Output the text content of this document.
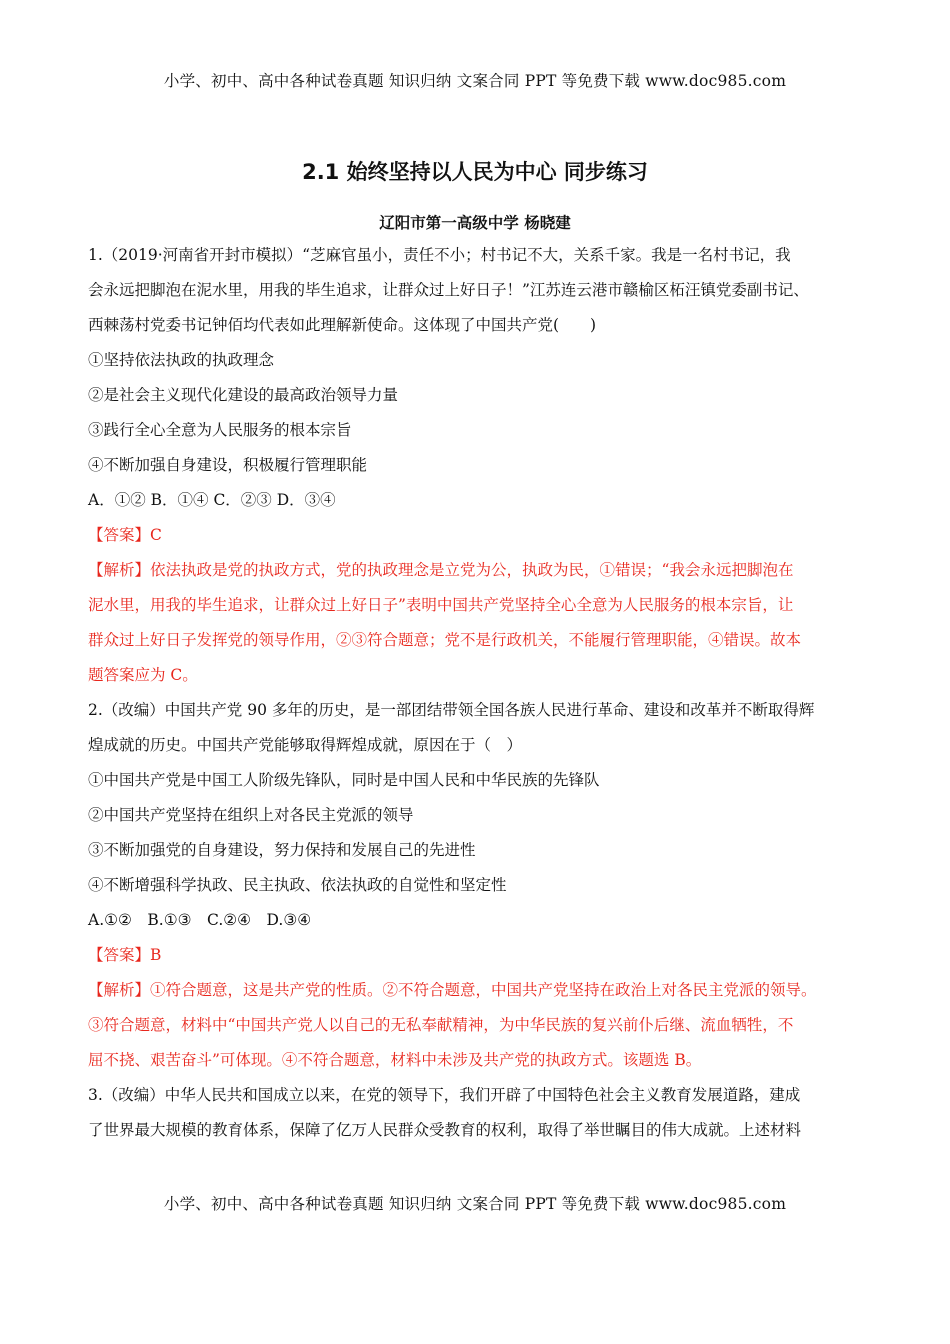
小学、初中、高中各种试卷真题 知识归纳 文案合同 PPT 等免费下载 www.doc985.com
2.1 始终坚持以人民为中心 同步练习
辽阳市第一高级中学 杨晓建
1.（2019·河南省开封市模拟）“芝麻官虽小，责任不小；村书记不大，关系千家。我是一名村书记，我
会永远把脚泡在泥水里，用我的毕生追求，让群众过上好日子！”江苏连云港市赣榆区柘汪镇党委副书记、
西棘荡村党委书记钟佰均代表如此理解新使命。这体现了中国共产党(　　)
①坚持依法执政的执政理念
②是社会主义现代化建设的最高政治领导力量
③践行全心全意为人民服务的根本宗旨
④不断加强自身建设，积极履行管理职能
A．①② B．①④ C．②③ D．③④
【答案】C
【解析】依法执政是党的执政方式，党的执政理念是立党为公，执政为民，①错误；“我会永远把脚泡在
泥水里，用我的毕生追求，让群众过上好日子”表明中国共产党坚持全心全意为人民服务的根本宗旨，让
群众过上好日子发挥党的领导作用，②③符合题意；党不是行政机关，不能履行管理职能，④错误。故本
题答案应为 C。
2.（改编）中国共产党 90 多年的历史，是一部团结带领全国各族人民进行革命、建设和改革并不断取得辉
煌成就的历史。中国共产党能够取得辉煌成就，原因在于（　）
①中国共产党是中国工人阶级先锋队，同时是中国人民和中华民族的先锋队
②中国共产党坚持在组织上对各民主党派的领导
③不断加强党的自身建设，努力保持和发展自己的先进性
④不断增强科学执政、民主执政、依法执政的自觉性和坚定性
A.①②　B.①③　C.②④　D.③④
【答案】B
【解析】①符合题意，这是共产党的性质。②不符合题意，中国共产党坚持在政治上对各民主党派的领导。
③符合题意，材料中“中国共产党人以自己的无私奉献精神，为中华民族的复兴前仆后继、流血牺牲，不
屈不挠、艰苦奋斗”可体现。④不符合题意，材料中未涉及共产党的执政方式。该题选 B。
3.（改编）中华人民共和国成立以来，在党的领导下，我们开辟了中国特色社会主义教育发展道路，建成
了世界最大规模的教育体系，保障了亿万人民群众受教育的权利，取得了举世瞩目的伟大成就。上述材料
小学、初中、高中各种试卷真题 知识归纳 文案合同 PPT 等免费下载 www.doc985.com
